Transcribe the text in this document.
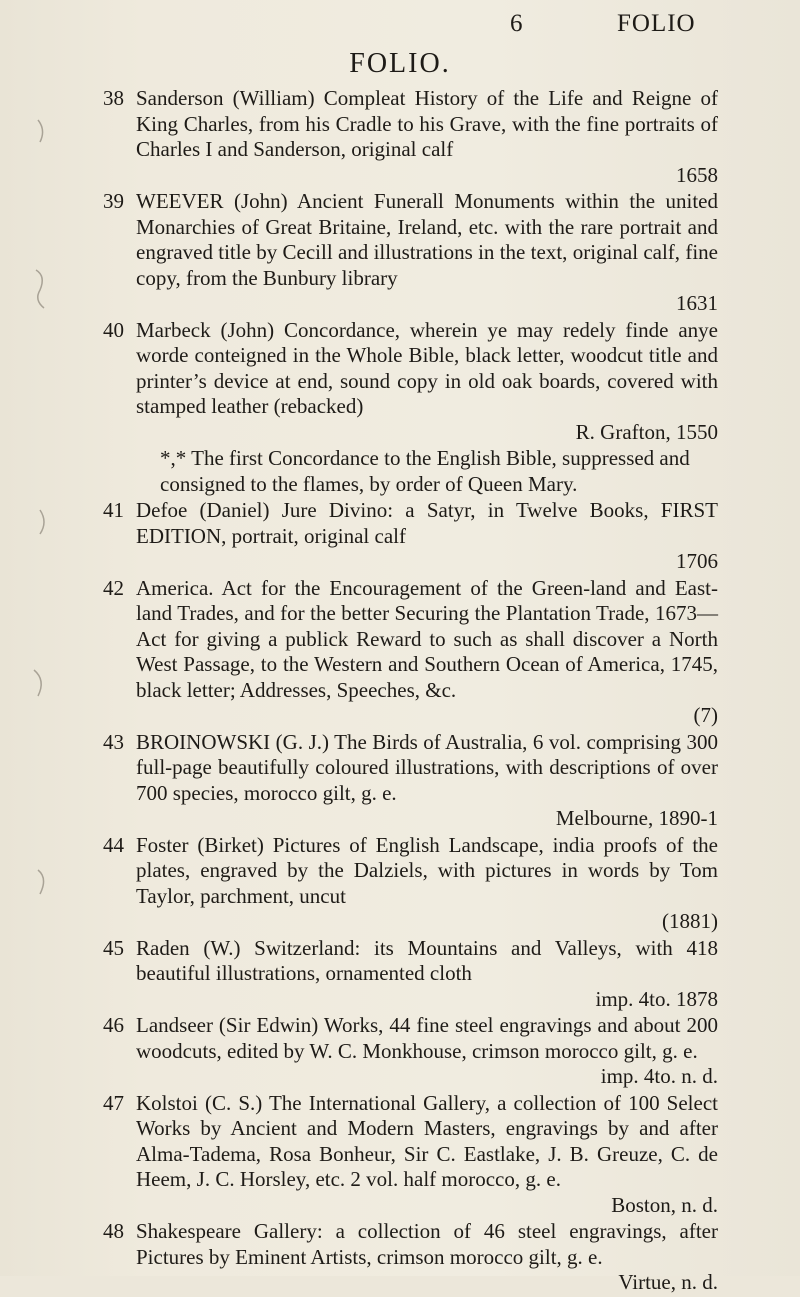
6	FOLIO
FOLIO.
38 Sanderson (William) Compleat History of the Life and Reigne of King Charles, from his Cradle to his Grave, with the fine portraits of Charles I and Sanderson, original calf
1658
39 WEEVER (John) Ancient Funerall Monuments within the united Monarchies of Great Britaine, Ireland, etc. with the rare portrait and engraved title by Cecill and illustrations in the text, original calf, fine copy, from the Bunbury library
1631
40 Marbeck (John) Concordance, wherein ye may redely finde anye worde conteigned in the Whole Bible, black letter, woodcut title and printer’s device at end, sound copy in old oak boards, covered with stamped leather (rebacked)
R. Grafton, 1550
*,* The first Concordance to the English Bible, suppressed and consigned to the flames, by order of Queen Mary.
41 Defoe (Daniel) Jure Divino: a Satyr, in Twelve Books, FIRST EDITION, portrait, original calf
1706
42 America. Act for the Encouragement of the Green-land and East-land Trades, and for the better Securing the Plantation Trade, 1673—Act for giving a publick Reward to such as shall discover a North West Passage, to the Western and Southern Ocean of America, 1745, black letter; Addresses, Speeches, &c.
(7)
43 BROINOWSKI (G. J.) The Birds of Australia, 6 vol. comprising 300 full-page beautifully coloured illustrations, with descriptions of over 700 species, morocco gilt, g. e.
Melbourne, 1890-1
44 Foster (Birket) Pictures of English Landscape, india proofs of the plates, engraved by the Dalziels, with pictures in words by Tom Taylor, parchment, uncut
(1881)
45 Raden (W.) Switzerland: its Mountains and Valleys, with 418 beautiful illustrations, ornamented cloth
imp. 4to. 1878
46 Landseer (Sir Edwin) Works, 44 fine steel engravings and about 200 woodcuts, edited by W. C. Monkhouse, crimson morocco gilt, g. e.
imp. 4to. n. d.
47 Kolstoi (C. S.) The International Gallery, a collection of 100 Select Works by Ancient and Modern Masters, engravings by and after Alma-Tadema, Rosa Bonheur, Sir C. Eastlake, J. B. Greuze, C. de Heem, J. C. Horsley, etc. 2 vol. half morocco, g. e.
Boston, n. d.
48 Shakespeare Gallery: a collection of 46 steel engravings, after Pictures by Eminent Artists, crimson morocco gilt, g. e.
Virtue, n. d.
